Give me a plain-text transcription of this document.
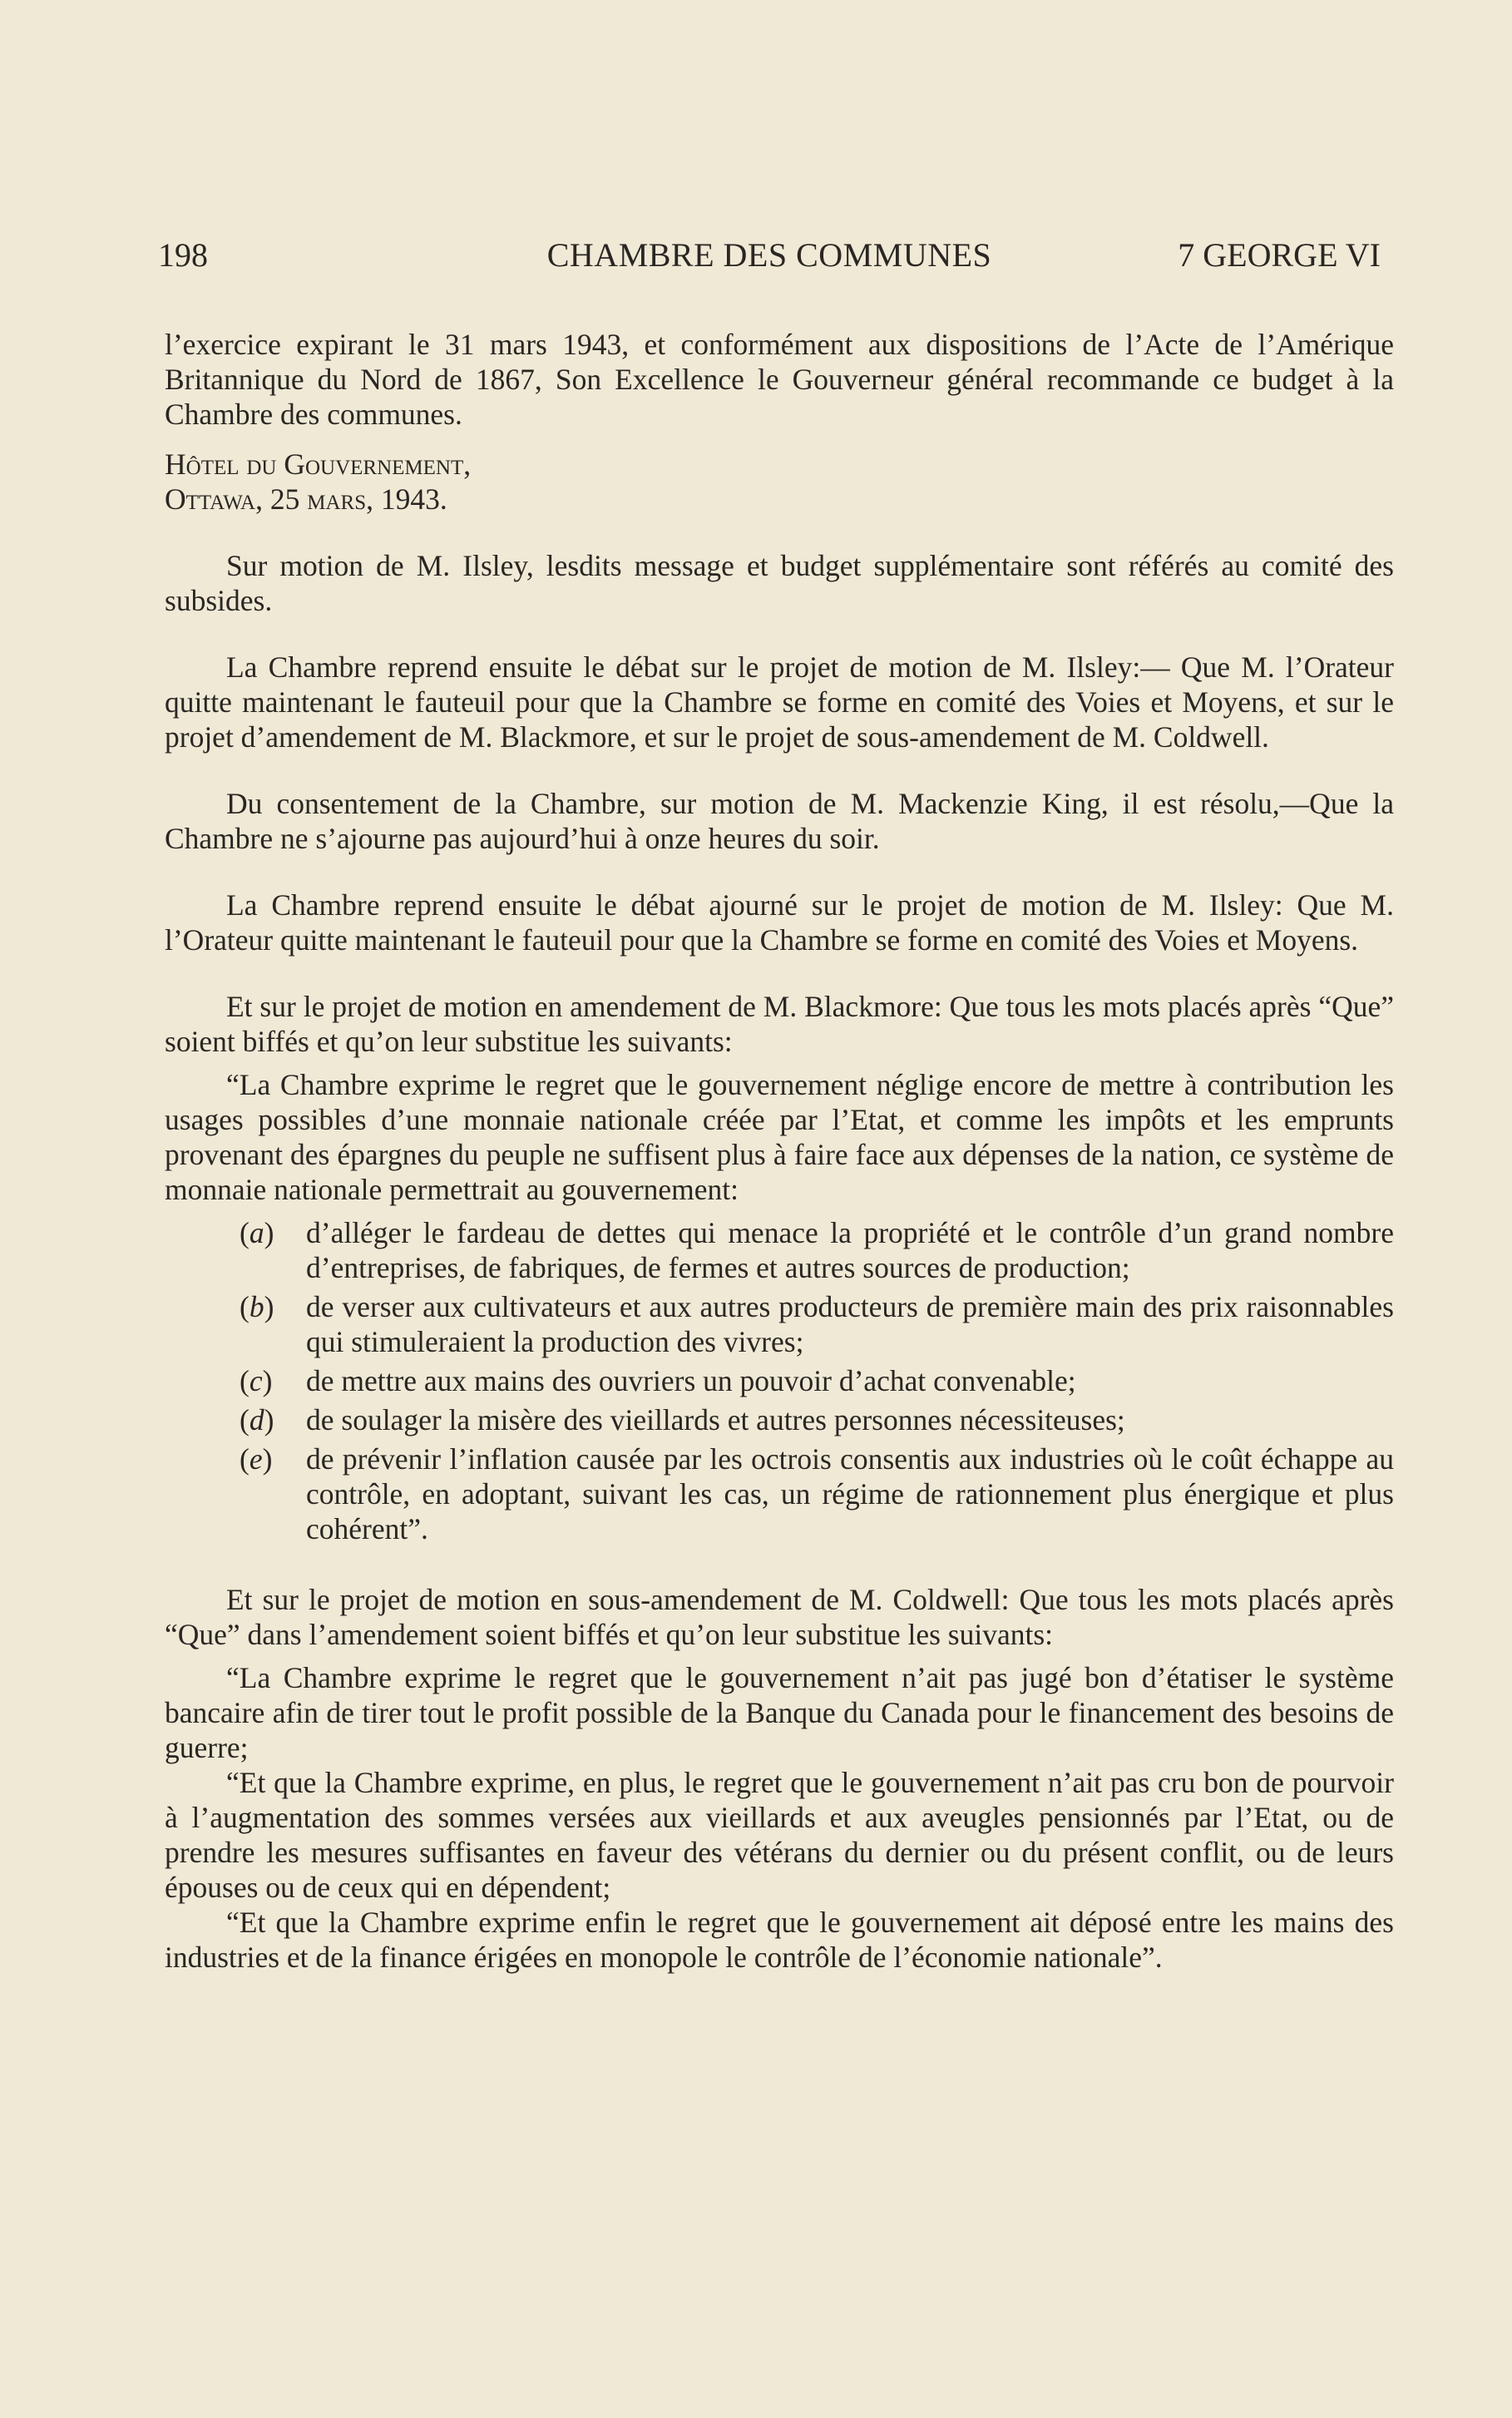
198	CHAMBRE DES COMMUNES	7 GEORGE VI

l’exercice expirant le 31 mars 1943, et conformément aux dispositions de l’Acte de l’Amérique Britannique du Nord de 1867, Son Excellence le Gouverneur général recommande ce budget à la Chambre des communes.

Hôtel du Gouvernement,

Ottawa, 25 mars, 1943.

Sur motion de M. Ilsley, lesdits message et budget supplémentaire sont référés au comité des subsides.

La Chambre reprend ensuite le débat sur le projet de motion de M. Ilsley:— Que M. l’Orateur quitte maintenant le fauteuil pour que la Chambre se forme en comité des Voies et Moyens, et sur le projet d’amendement de M. Blackmore, et sur le projet de sous-amendement de M. Coldwell.

Du consentement de la Chambre, sur motion de M. Mackenzie King, il est résolu,—Que la Chambre ne s’ajourne pas aujourd’hui à onze heures du soir.

La Chambre reprend ensuite le débat ajourné sur le projet de motion de M. Ilsley: Que M. l’Orateur quitte maintenant le fauteuil pour que la Chambre se forme en comité des Voies et Moyens.

Et sur le projet de motion en amendement de M. Blackmore: Que tous les mots placés après “Que” soient biffés et qu’on leur substitue les suivants:

“La Chambre exprime le regret que le gouvernement néglige encore de mettre à contribution les usages possibles d’une monnaie nationale créée par l’Etat, et comme les impôts et les emprunts provenant des épargnes du peuple ne suffisent plus à faire face aux dépenses de la nation, ce système de monnaie nationale permettrait au gouvernement:

(a)	d’alléger le fardeau de dettes qui menace la propriété et le contrôle d’un grand nombre d’entreprises, de fabriques, de fermes et autres sources de production;
(b)	de verser aux cultivateurs et aux autres producteurs de première main des prix raisonnables qui stimuleraient la production des vivres;
(c)	de mettre aux mains des ouvriers un pouvoir d’achat convenable;
(d)	de soulager la misère des vieillards et autres personnes nécessiteuses;
(e)	de prévenir l’inflation causée par les octrois consentis aux industries où le coût échappe au contrôle, en adoptant, suivant les cas, un régime de rationnement plus énergique et plus cohérent”.

Et sur le projet de motion en sous-amendement de M. Coldwell: Que tous les mots placés après “Que” dans l’amendement soient biffés et qu’on leur substitue les suivants:

“La Chambre exprime le regret que le gouvernement n’ait pas jugé bon d’étatiser le système bancaire afin de tirer tout le profit possible de la Banque du Canada pour le financement des besoins de guerre;

“Et que la Chambre exprime, en plus, le regret que le gouvernement n’ait pas cru bon de pourvoir à l’augmentation des sommes versées aux vieillards et aux aveugles pensionnés par l’Etat, ou de prendre les mesures suffisantes en faveur des vétérans du dernier ou du présent conflit, ou de leurs épouses ou de ceux qui en dépendent;

“Et que la Chambre exprime enfin le regret que le gouvernement ait déposé entre les mains des industries et de la finance érigées en monopole le contrôle de l’économie nationale”.
